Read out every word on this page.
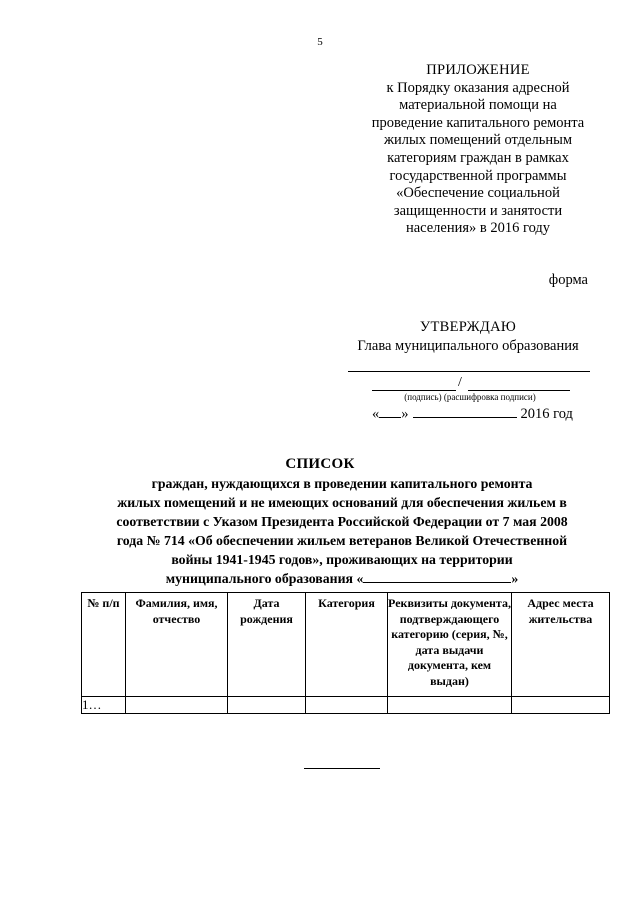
5
ПРИЛОЖЕНИЕ
к Порядку оказания адресной
материальной помощи на
проведение капитального ремонта
жилых помещений отдельным
категориям граждан в рамках
государственной программы
«Обеспечение социальной
защищенности и занятости
населения» в 2016 году
форма
УТВЕРЖДАЮ
Глава муниципального образования
/
(подпись) (расшифровка подписи)
« »	2016 год
СПИСОК
граждан, нуждающихся в проведении капитального ремонта
жилых помещений и не имеющих оснований для обеспечения жильем в
соответствии с Указом Президента Российской Федерации от 7 мая 2008
года № 714 «Об обеспечении жильем ветеранов Великой Отечественной
войны 1941-1945 годов», проживающих на территории
муниципального образования «	»
№ п/п	Фамилия, имя, отчество	Дата рождения	Категория	Реквизиты документа, подтверждающего категорию (серия, №, дата выдачи документа, кем выдан)	Адрес места жительства
1…					
